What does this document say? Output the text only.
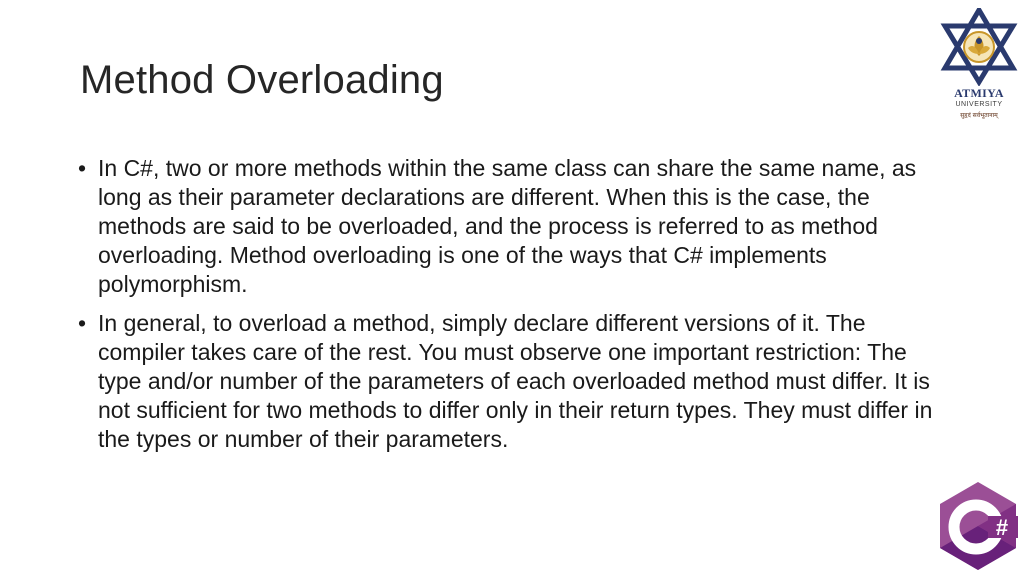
Method Overloading
• In C#, two or more methods within the same class can share the same name, as long as their parameter declarations are different. When this is the case, the methods are said to be overloaded, and the process is referred to as method overloading. Method overloading is one of the ways that C# implements polymorphism.
• In general, to overload a method, simply declare different versions of it. The compiler takes care of the rest. You must observe one important restriction: The type and/or number of the parameters of each overloaded method must differ. It is not sufficient for two methods to differ only in their return types. They must differ in the types or number of their parameters.
ATMIYA
UNIVERSITY
सुहृदं सर्वभूतानाम्
#
